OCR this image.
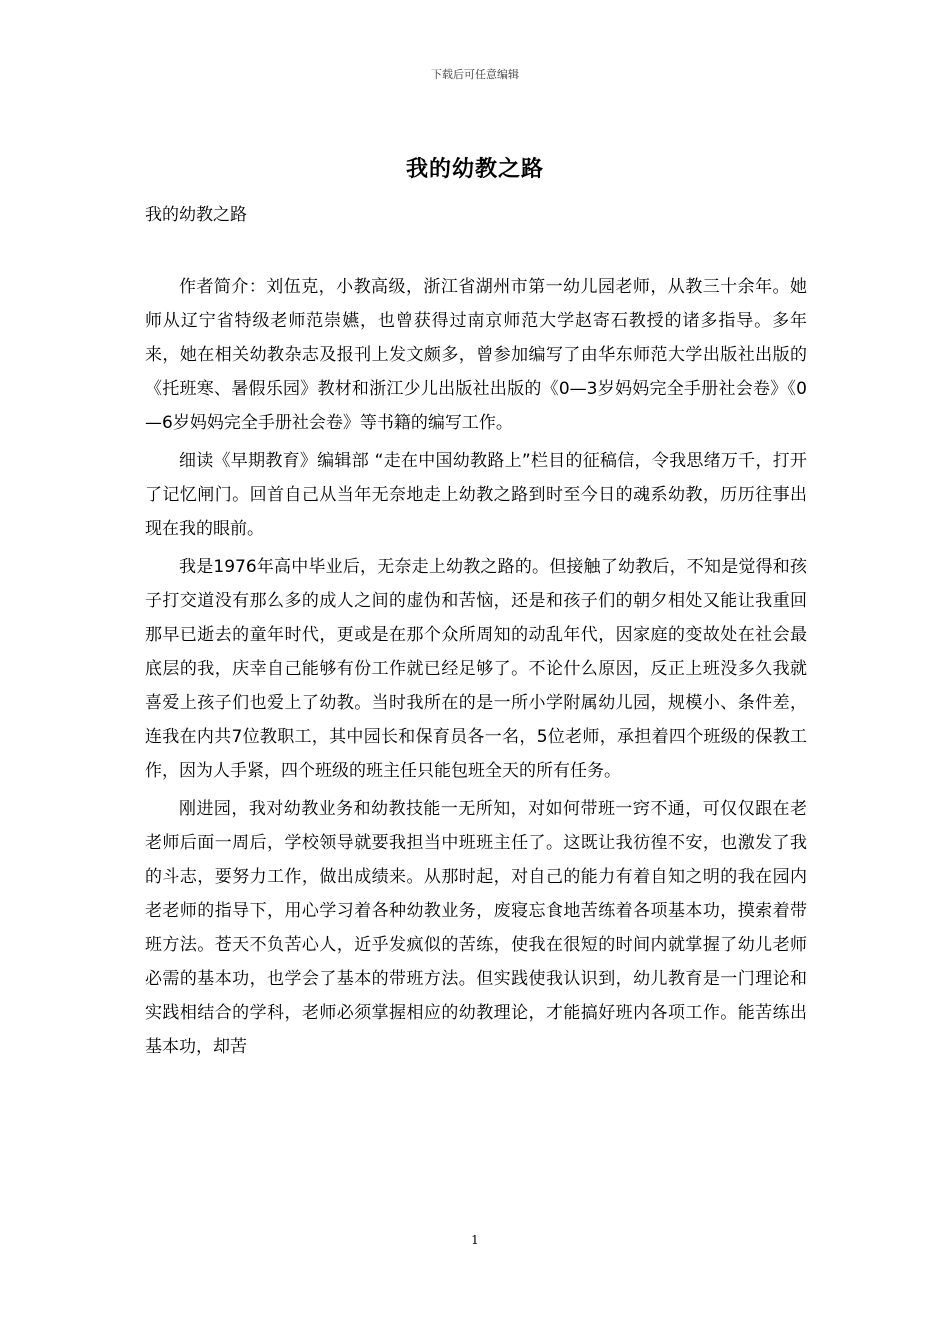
下载后可任意编辑
我的幼教之路
我的幼教之路

作者简介：刘伍克，小教高级，浙江省湖州市第一幼儿园老师，从教三十余年。她师从辽宁省特级老师范崇嬿，也曾获得过南京师范大学赵寄石教授的诸多指导。多年来，她在相关幼教杂志及报刊上发文颇多，曾参加编写了由华东师范大学出版社出版的《托班寒、暑假乐园》教材和浙江少儿出版社出版的《0—3岁妈妈完全手册社会卷》《0—6岁妈妈完全手册社会卷》等书籍的编写工作。

细读《早期教育》编辑部 “走在中国幼教路上”栏目的征稿信，令我思绪万千，打开了记忆闸门。回首自己从当年无奈地走上幼教之路到时至今日的魂系幼教，历历往事出现在我的眼前。

我是1976年高中毕业后，无奈走上幼教之路的。但接触了幼教后，不知是觉得和孩子打交道没有那么多的成人之间的虚伪和苦恼，还是和孩子们的朝夕相处又能让我重回那早已逝去的童年时代，更或是在那个众所周知的动乱年代，因家庭的变故处在社会最底层的我，庆幸自己能够有份工作就已经足够了。不论什么原因，反正上班没多久我就喜爱上孩子们也爱上了幼教。当时我所在的是一所小学附属幼儿园，规模小、条件差，连我在内共7位教职工，其中园长和保育员各一名，5位老师，承担着四个班级的保教工作，因为人手紧，四个班级的班主任只能包班全天的所有任务。

刚进园，我对幼教业务和幼教技能一无所知，对如何带班一窍不通，可仅仅跟在老老师后面一周后，学校领导就要我担当中班班主任了。这既让我彷徨不安，也激发了我的斗志，要努力工作，做出成绩来。从那时起，对自己的能力有着自知之明的我在园内老老师的指导下，用心学习着各种幼教业务，废寝忘食地苦练着各项基本功，摸索着带班方法。苍天不负苦心人，近乎发疯似的苦练，使我在很短的时间内就掌握了幼儿老师必需的基本功，也学会了基本的带班方法。但实践使我认识到，幼儿教育是一门理论和实践相结合的学科，老师必须掌握相应的幼教理论，才能搞好班内各项工作。能苦练出基本功，却苦

1
